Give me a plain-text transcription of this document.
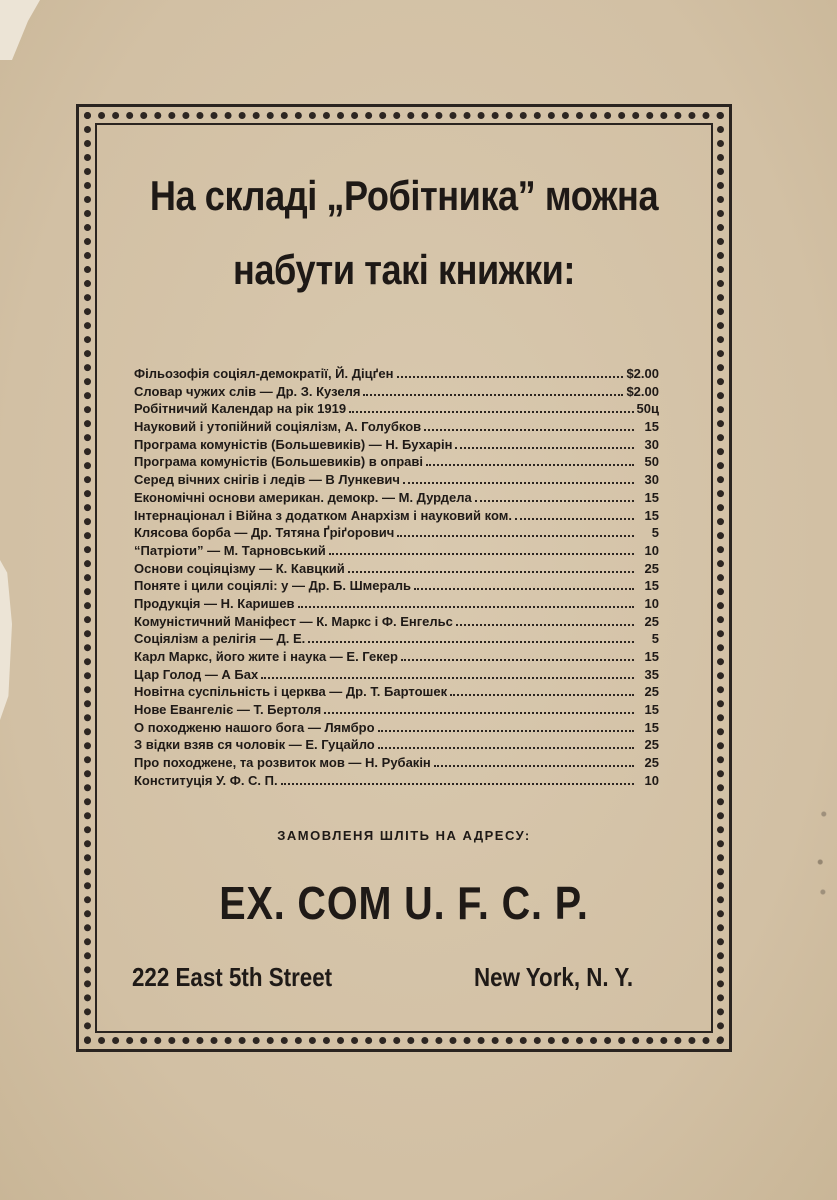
На складі „Робітника” можна
набути такі книжки:
Фільозофія соціял-демократії, Й. Діцґен	$2.00
Словар чужих слів — Др. З. Кузеля	$2.00
Робітничий Календар на рік 1919	50ц
Науковий і утопійний соціялізм, А. Голубков	15
Програма комуністів (Большевиків) — Н. Бухарін	30
Програма комуністів (Большевиків) в оправі	50
Серед вічних снігів і ледів — В Лункевич	30
Економічні основи американ. демокр. — М. Дурдела	15
Інтернаціонал і Війна з додатком Анархізм і науковий ком.	15
Клясова борба — Др. Тятяна Ґріґорович	5
“Патріоти” — М. Тарновський	10
Основи соціяцізму — К. Кавцкий	25
Поняте і цили соціялі: у — Др. Б. Шмераль	15
Продукція — Н. Каришев	10
Комуністичний Маніфест — К. Маркс і Ф. Енгельс	25
Соціялізм а релігія — Д. Е.	5
Карл Маркс, його жите і наука — Е. Гекер	15
Цар Голод — А Бах	35
Новітна суспільність і церква — Др. Т. Бартошек	25
Нове Евангеліє — Т. Бертоля	15
О походженю нашого бога — Лямбро	15
З відки взяв ся чоловік — Е. Гуцайло	25
Про походжене, та розвиток мов — Н. Рубакін	25
Конституція У. Ф. С. П.	10
ЗАМОВЛЕНЯ ШЛІТЬ НА АДРЕСУ:
EX. COM U. F. C. P.
222 East 5th Street	New York, N. Y.
